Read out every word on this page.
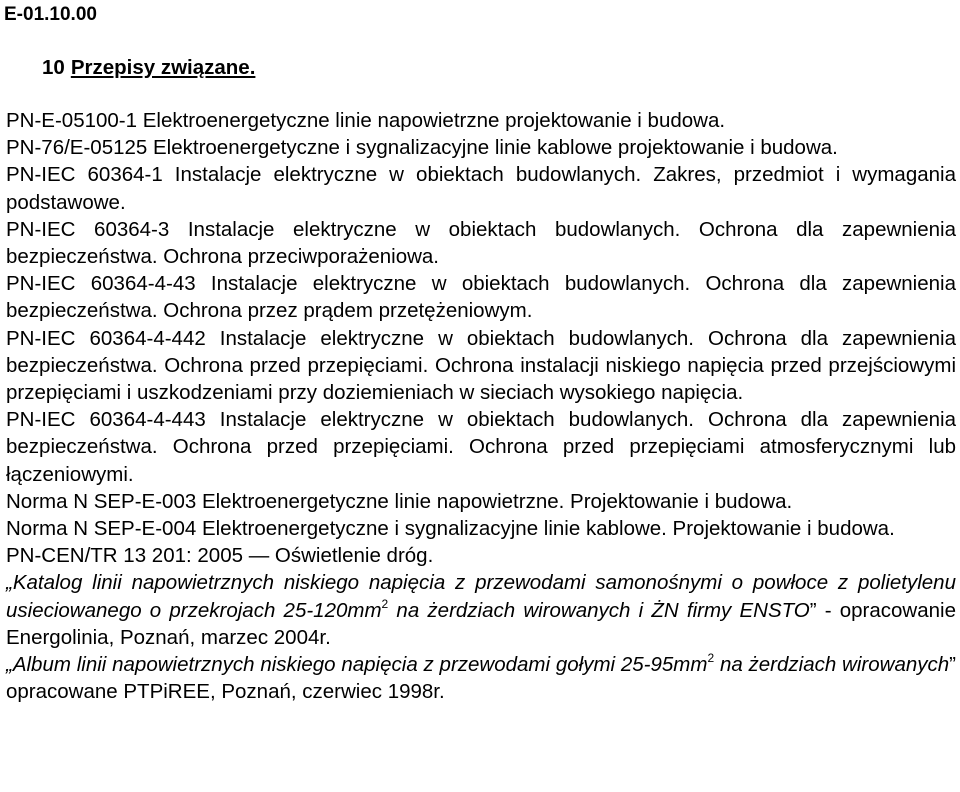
E-01.10.00

10 Przepisy związane.

PN-E-05100-1 Elektroenergetyczne linie napowietrzne projektowanie i budowa.

PN-76/E-05125 Elektroenergetyczne i sygnalizacyjne linie kablowe projektowanie i budowa.

PN-IEC 60364-1 Instalacje elektryczne w obiektach budowlanych. Zakres, przedmiot i wymagania podstawowe.

PN-IEC 60364-3 Instalacje elektryczne w obiektach budowlanych. Ochrona dla zapewnienia bezpieczeństwa. Ochrona przeciwporażeniowa.

PN-IEC 60364-4-43 Instalacje elektryczne w obiektach budowlanych. Ochrona dla zapewnienia bezpieczeństwa. Ochrona przez prądem przetężeniowym.

PN-IEC 60364-4-442 Instalacje elektryczne w obiektach budowlanych. Ochrona dla zapewnienia bezpieczeństwa. Ochrona przed przepięciami. Ochrona instalacji niskiego napięcia przed przejściowymi przepięciami i uszkodzeniami przy doziemieniach w sieciach wysokiego napięcia.

PN-IEC 60364-4-443 Instalacje elektryczne w obiektach budowlanych. Ochrona dla zapewnienia bezpieczeństwa. Ochrona przed przepięciami. Ochrona przed przepięciami atmosferycznymi lub łączeniowymi.

Norma N SEP-E-003 Elektroenergetyczne linie napowietrzne. Projektowanie i budowa.

Norma N SEP-E-004 Elektroenergetyczne i sygnalizacyjne linie kablowe. Projektowanie i budowa.

PN-CEN/TR 13 201: 2005 — Oświetlenie dróg.

„Katalog linii napowietrznych niskiego napięcia z przewodami samonośnymi o powłoce z polietylenu usieciowanego o przekrojach $25-120mm^2$ na żerdziach wirowanych i ŻN firmy ENSTO” - opracowanie Energolinia, Poznań, marzec 2004r.

„Album linii napowietrznych niskiego napięcia z przewodami gołymi $25-95mm^2$ na żerdziach wirowanych” opracowane PTPiREE, Poznań, czerwiec 1998r.
